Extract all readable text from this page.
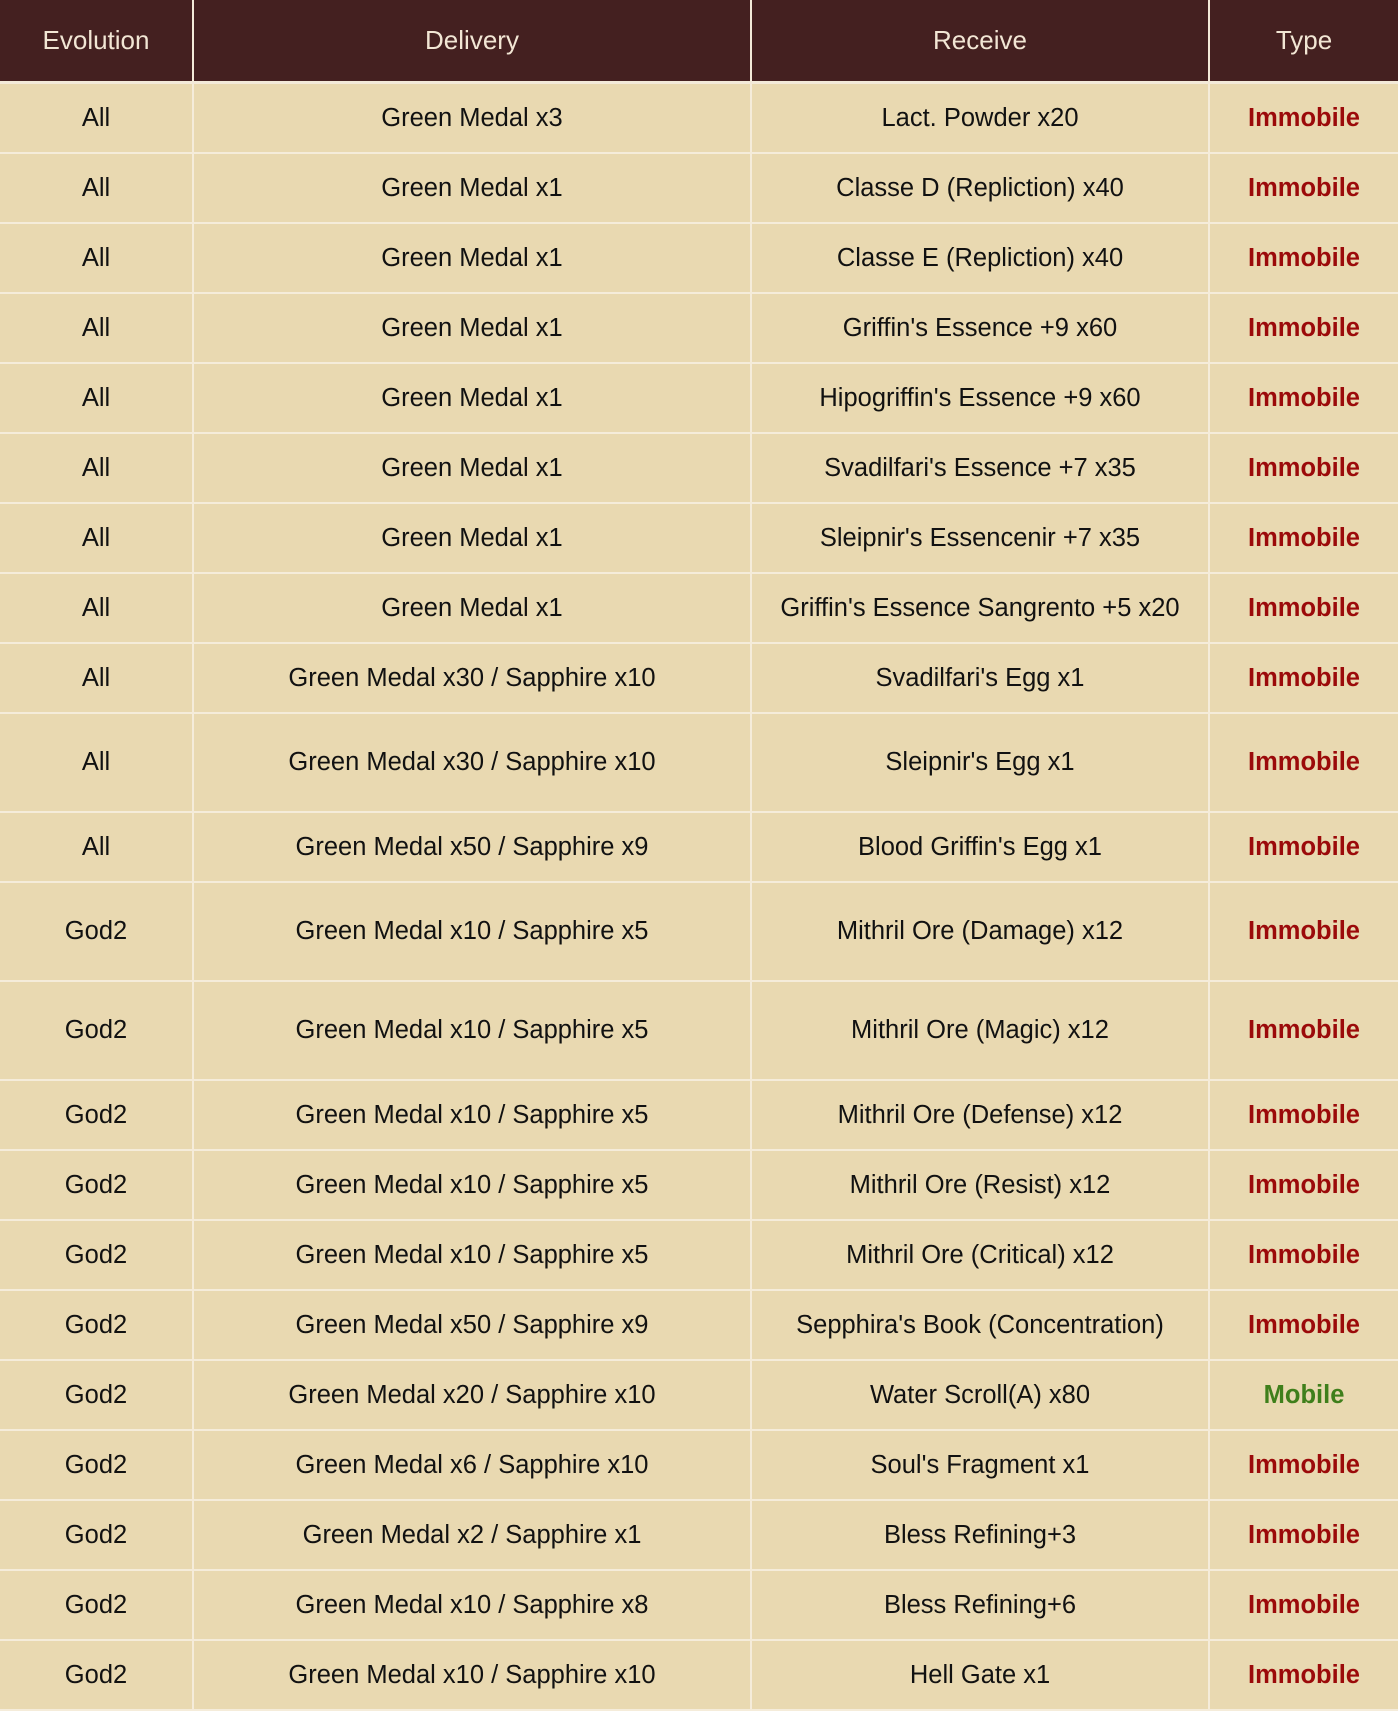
Evolution	Delivery	Receive	Type
All	Green Medal x3	Lact. Powder x20	Immobile
All	Green Medal x1	Classe D (Repliction) x40	Immobile
All	Green Medal x1	Classe E (Repliction) x40	Immobile
All	Green Medal x1	Griffin's Essence +9 x60	Immobile
All	Green Medal x1	Hipogriffin's Essence +9 x60	Immobile
All	Green Medal x1	Svadilfari's Essence +7 x35	Immobile
All	Green Medal x1	Sleipnir's Essencenir +7 x35	Immobile
All	Green Medal x1	Griffin's Essence Sangrento +5 x20	Immobile
All	Green Medal x30 / Sapphire x10	Svadilfari's Egg x1	Immobile
All	Green Medal x30 / Sapphire x10	Sleipnir's Egg x1	Immobile
All	Green Medal x50 / Sapphire x9	Blood Griffin's Egg x1	Immobile
God2	Green Medal x10 / Sapphire x5	Mithril Ore (Damage) x12	Immobile
God2	Green Medal x10 / Sapphire x5	Mithril Ore (Magic) x12	Immobile
God2	Green Medal x10 / Sapphire x5	Mithril Ore (Defense) x12	Immobile
God2	Green Medal x10 / Sapphire x5	Mithril Ore (Resist) x12	Immobile
God2	Green Medal x10 / Sapphire x5	Mithril Ore (Critical) x12	Immobile
God2	Green Medal x50 / Sapphire x9	Sepphira's Book (Concentration)	Immobile
God2	Green Medal x20 / Sapphire x10	Water Scroll(A) x80	Mobile
God2	Green Medal x6 / Sapphire x10	Soul's Fragment x1	Immobile
God2	Green Medal x2 / Sapphire x1	Bless Refining+3	Immobile
God2	Green Medal x10 / Sapphire x8	Bless Refining+6	Immobile
God2	Green Medal x10 / Sapphire x10	Hell Gate x1	Immobile
